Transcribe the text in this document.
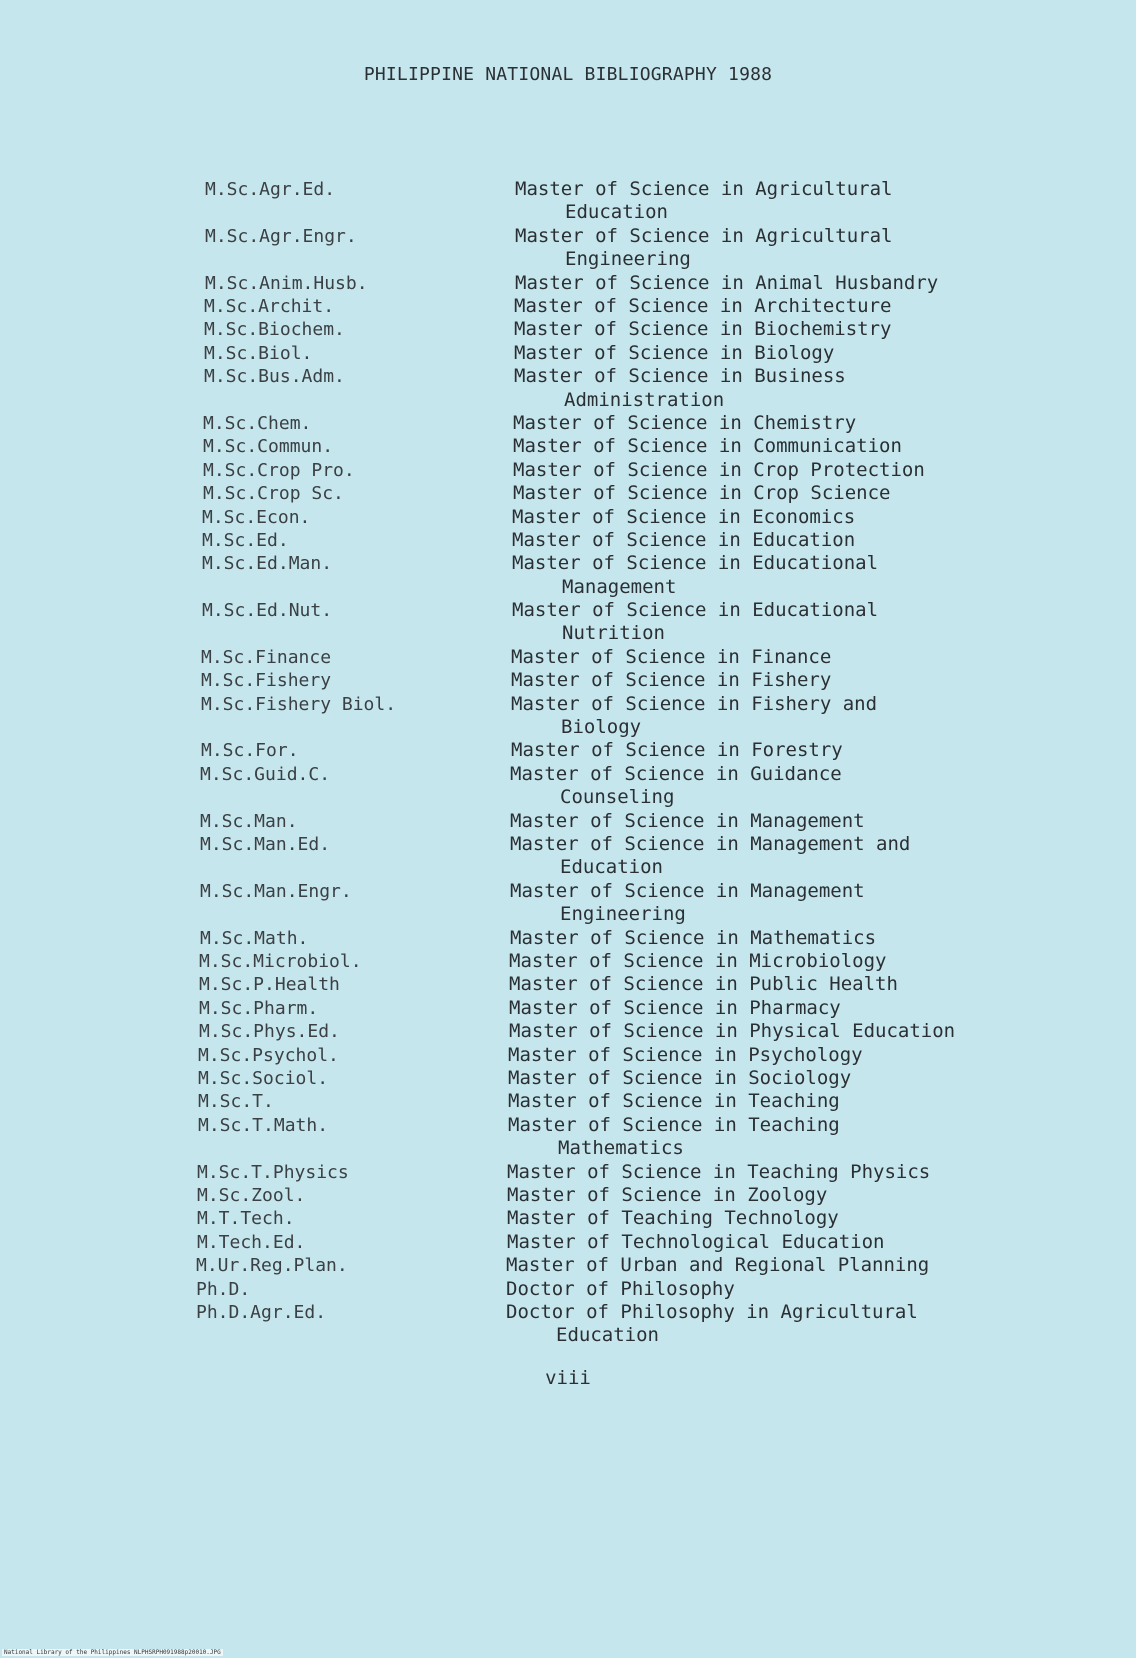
PHILIPPINE NATIONAL BIBLIOGRAPHY 1988
M.Sc.Agr.Ed.	Master of Science in Agricultural
Education
M.Sc.Agr.Engr.	Master of Science in Agricultural
Engineering
M.Sc.Anim.Husb.	Master of Science in Animal Husbandry
M.Sc.Archit.	Master of Science in Architecture
M.Sc.Biochem.	Master of Science in Biochemistry
M.Sc.Biol.	Master of Science in Biology
M.Sc.Bus.Adm.	Master of Science in Business
Administration
M.Sc.Chem.	Master of Science in Chemistry
M.Sc.Commun.	Master of Science in Communication
M.Sc.Crop Pro.	Master of Science in Crop Protection
M.Sc.Crop Sc.	Master of Science in Crop Science
M.Sc.Econ.	Master of Science in Economics
M.Sc.Ed.	Master of Science in Education
M.Sc.Ed.Man.	Master of Science in Educational
Management
M.Sc.Ed.Nut.	Master of Science in Educational
Nutrition
M.Sc.Finance	Master of Science in Finance
M.Sc.Fishery	Master of Science in Fishery
M.Sc.Fishery Biol.	Master of Science in Fishery and
Biology
M.Sc.For.	Master of Science in Forestry
M.Sc.Guid.C.	Master of Science in Guidance
Counseling
M.Sc.Man.	Master of Science in Management
M.Sc.Man.Ed.	Master of Science in Management and
Education
M.Sc.Man.Engr.	Master of Science in Management
Engineering
M.Sc.Math.	Master of Science in Mathematics
M.Sc.Microbiol.	Master of Science in Microbiology
M.Sc.P.Health	Master of Science in Public Health
M.Sc.Pharm.	Master of Science in Pharmacy
M.Sc.Phys.Ed.	Master of Science in Physical Education
M.Sc.Psychol.	Master of Science in Psychology
M.Sc.Sociol.	Master of Science in Sociology
M.Sc.T.	Master of Science in Teaching
M.Sc.T.Math.	Master of Science in Teaching
Mathematics
M.Sc.T.Physics	Master of Science in Teaching Physics
M.Sc.Zool.	Master of Science in Zoology
M.T.Tech.	Master of Teaching Technology
M.Tech.Ed.	Master of Technological Education
M.Ur.Reg.Plan.	Master of Urban and Regional Planning
Ph.D.	Doctor of Philosophy
Ph.D.Agr.Ed.	Doctor of Philosophy in Agricultural
Education
viii
National Library of the Philippines NLPHSRPH091988p20010.JPG
